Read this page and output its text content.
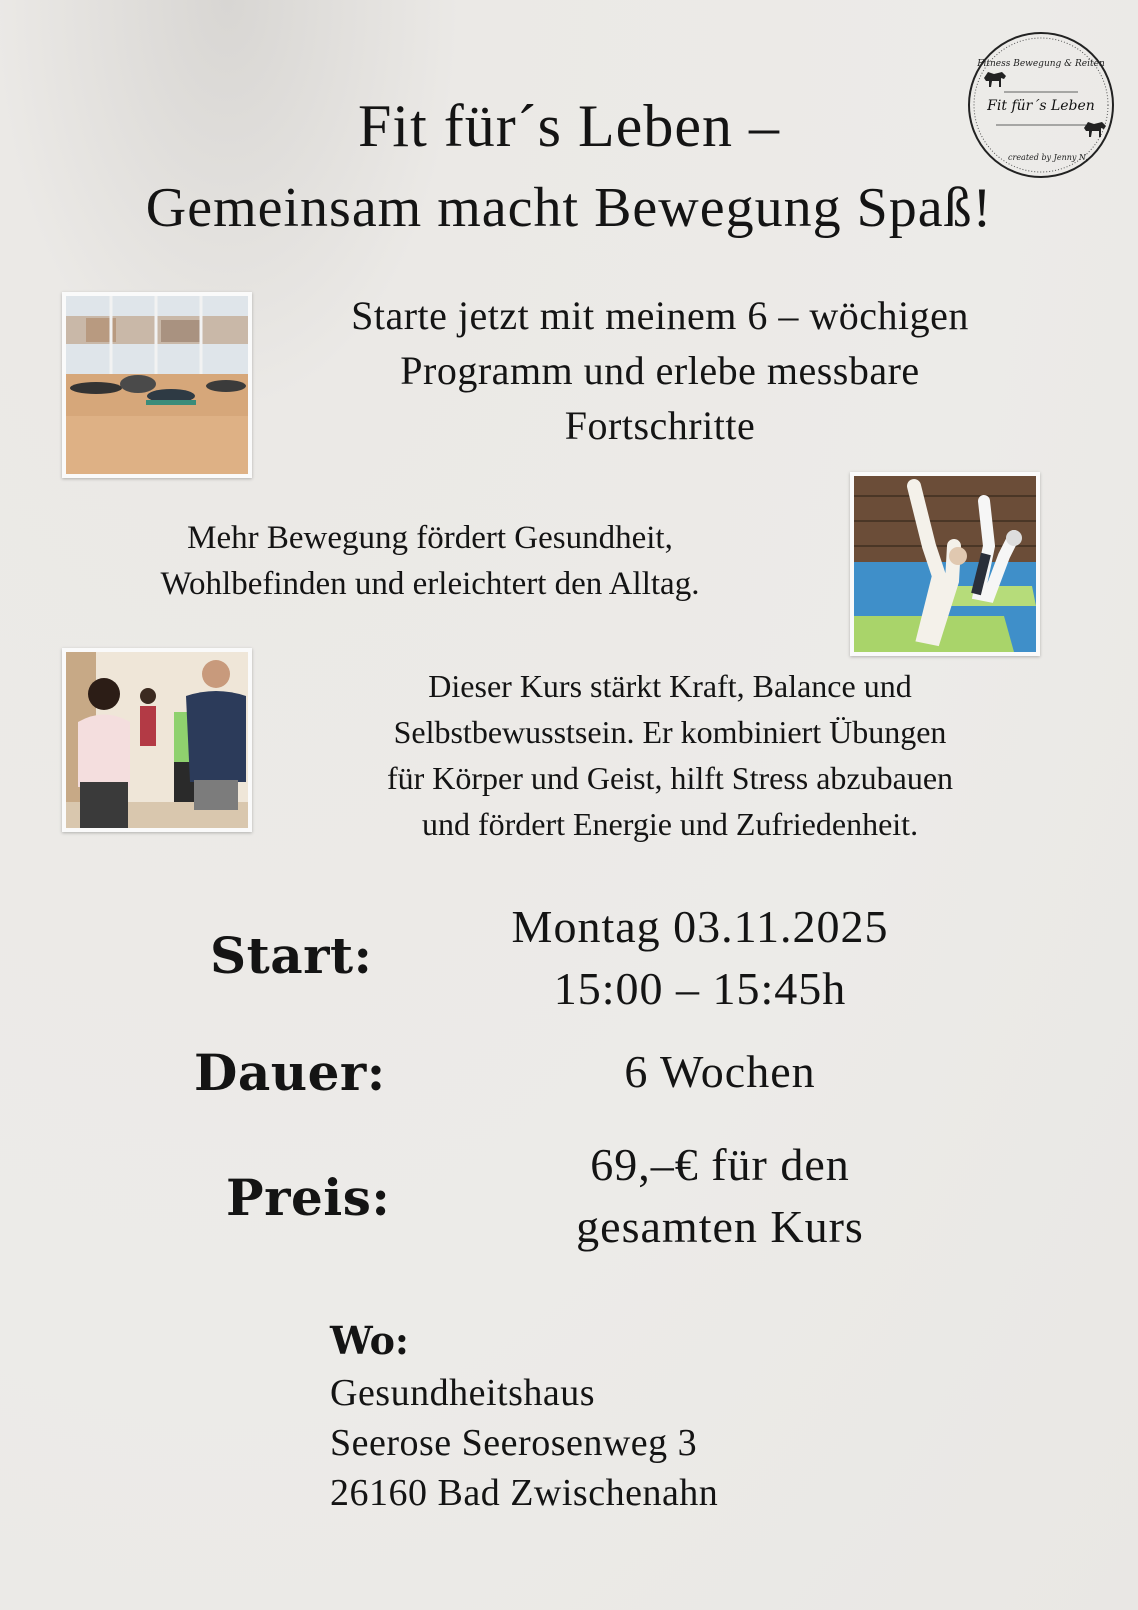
Fitness Bewegung & Reiten
Fit für´s Leben
created by Jenny N.
Fit für´s Leben –
Gemeinsam macht Bewegung Spaß!
Starte jetzt mit meinem 6 – wöchigen
Programm und erlebe messbare
Fortschritte
Mehr Bewegung fördert Gesundheit,
Wohlbefinden und erleichtert den Alltag.
Dieser Kurs stärkt Kraft, Balance und
Selbstbewusstsein. Er kombiniert Übungen
für Körper und Geist, hilft Stress abzubauen
und fördert Energie und Zufriedenheit.
Start:	Montag 03.11.2025
15:00 – 15:45h
Dauer:	6 Wochen
Preis:
69,–€ für den
gesamten Kurs
Wo:
Gesundheitshaus
Seerose Seerosenweg 3
26160 Bad Zwischenahn
